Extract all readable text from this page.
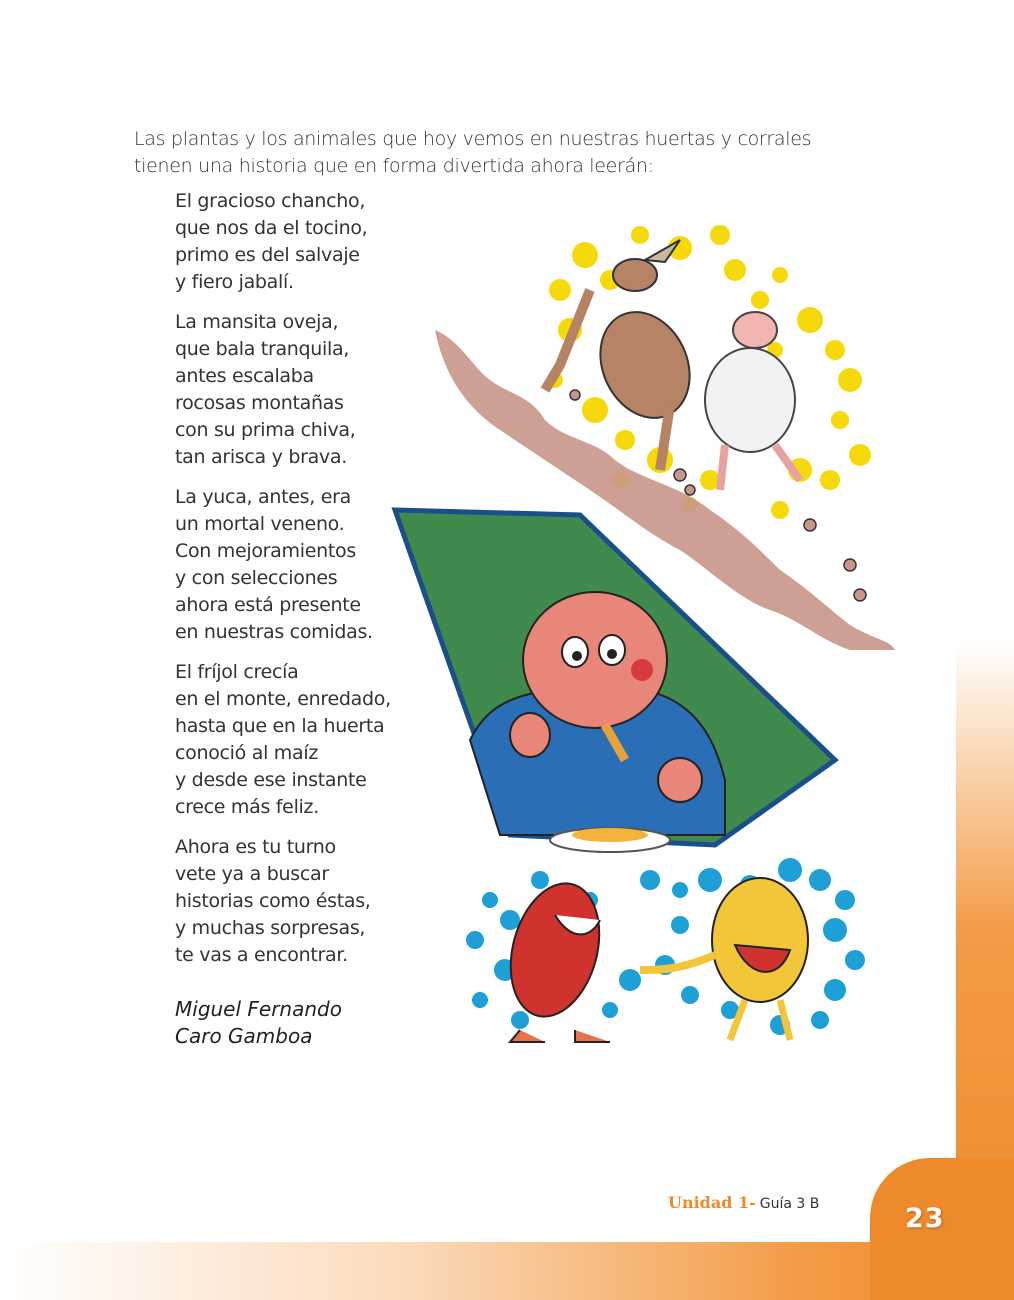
Las plantas y los animales que hoy vemos en nuestras huertas y corrales tienen una historia que en forma divertida ahora leerán:

El gracioso chancho,
que nos da el tocino,
primo es del salvaje
y fiero jabalí.
La mansita oveja,
que bala tranquila,
antes escalaba
rocosas montañas
con su prima chiva,
tan arisca y brava.
La yuca, antes, era
un mortal veneno.
Con mejoramientos
y con selecciones
ahora está presente
en nuestras comidas.
El fríjol crecía
en el monte, enredado,
hasta que en la huerta
conoció al maíz
y desde ese instante
crece más feliz.
Ahora es tu turno
vete ya a buscar
historias como éstas,
y muchas sorpresas,
te vas a encontrar.
Miguel Fernando
Caro Gamboa
23
Unidad 1- Guía 3 B
